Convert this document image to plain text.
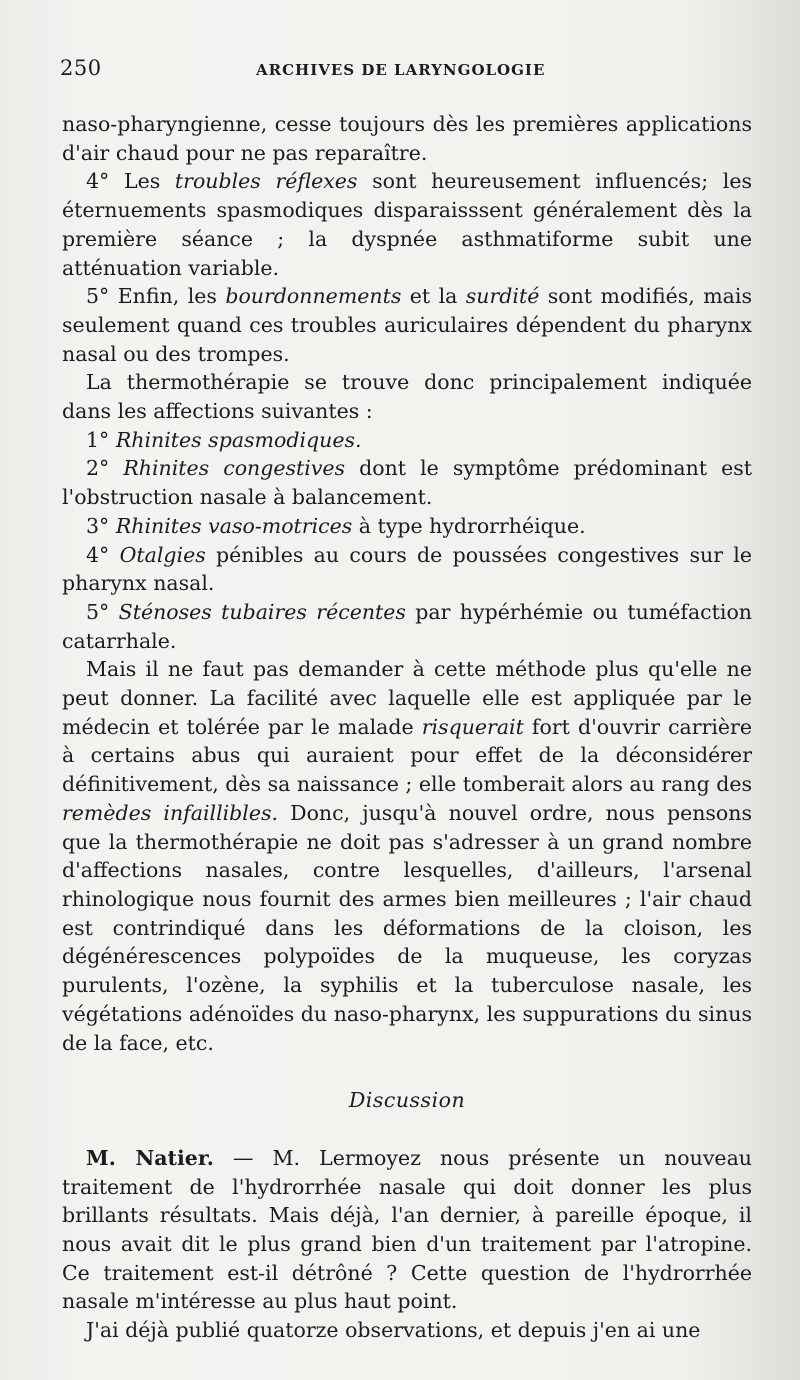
250	ARCHIVES DE LARYNGOLOGIE

naso-pharyngienne, cesse toujours dès les premières applications d'air chaud pour ne pas reparaître.

4° Les troubles réflexes sont heureusement influencés; les éternuements spasmodiques disparaisssent généralement dès la première séance ; la dyspnée asthmatiforme subit une atténuation variable.

5° Enfin, les bourdonnements et la surdité sont modifiés, mais seulement quand ces troubles auriculaires dépendent du pharynx nasal ou des trompes.

La thermothérapie se trouve donc principalement indiquée dans les affections suivantes :

1° Rhinites spasmodiques.

2° Rhinites congestives dont le symptôme prédominant est l'obstruction nasale à balancement.

3° Rhinites vaso-motrices à type hydrorrhéique.

4° Otalgies pénibles au cours de poussées congestives sur le pharynx nasal.

5° Sténoses tubaires récentes par hypérhémie ou tuméfaction catarrhale.

Mais il ne faut pas demander à cette méthode plus qu'elle ne peut donner. La facilité avec laquelle elle est appliquée par le médecin et tolérée par le malade risquerait fort d'ouvrir carrière à certains abus qui auraient pour effet de la déconsidérer définitivement, dès sa naissance ; elle tomberait alors au rang des remèdes infaillibles. Donc, jusqu'à nouvel ordre, nous pensons que la thermothérapie ne doit pas s'adresser à un grand nombre d'affections nasales, contre lesquelles, d'ailleurs, l'arsenal rhinologique nous fournit des armes bien meilleures ; l'air chaud est contrindiqué dans les déformations de la cloison, les dégénérescences polypoïdes de la muqueuse, les coryzas purulents, l'ozène, la syphilis et la tuberculose nasale, les végétations adénoïdes du naso-pharynx, les suppurations du sinus de la face, etc.

Discussion

M. Natier. — M. Lermoyez nous présente un nouveau traitement de l'hydrorrhée nasale qui doit donner les plus brillants résultats. Mais déjà, l'an dernier, à pareille époque, il nous avait dit le plus grand bien d'un traitement par l'atropine. Ce traitement est-il détrôné ? Cette question de l'hydrorrhée nasale m'intéresse au plus haut point.

J'ai déjà publié quatorze observations, et depuis j'en ai une
